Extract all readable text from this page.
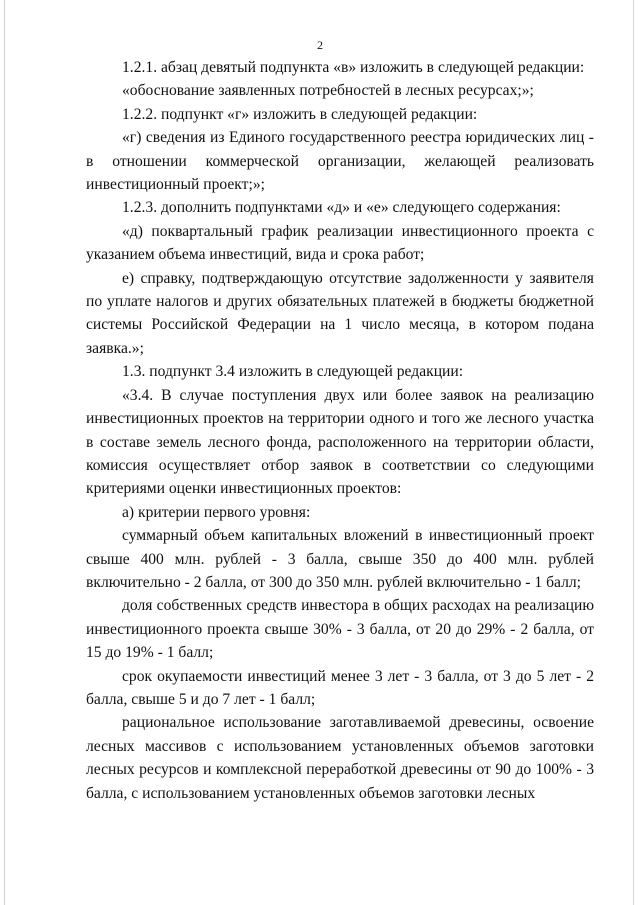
2

1.2.1. абзац девятый подпункта «в» изложить в следующей редакции:

«обоснование заявленных потребностей в лесных ресурсах;»;

1.2.2. подпункт «г» изложить в следующей редакции:

«г) сведения из Единого государственного реестра юридических лиц - в отношении коммерческой организации, желающей реализовать инвестиционный проект;»;

1.2.3. дополнить подпунктами «д» и «е» следующего содержания:

«д) поквартальный график реализации инвестиционного проекта с указанием объема инвестиций, вида и срока работ;

е) справку, подтверждающую отсутствие задолженности у заявителя по уплате налогов и других обязательных платежей в бюджеты бюджетной системы Российской Федерации на 1 число месяца, в котором подана заявка.»;

1.3. подпункт 3.4 изложить в следующей редакции:

«3.4. В случае поступления двух или более заявок на реализацию инвестиционных проектов на территории одного и того же лесного участка в составе земель лесного фонда, расположенного на территории области, комиссия осуществляет отбор заявок в соответствии со следующими критериями оценки инвестиционных проектов:

а) критерии первого уровня:

суммарный объем капитальных вложений в инвестиционный проект свыше 400 млн. рублей - 3 балла, свыше 350 до 400 млн. рублей включительно - 2 балла, от 300 до 350 млн. рублей включительно - 1 балл;

доля собственных средств инвестора в общих расходах на реализацию инвестиционного проекта свыше 30% - 3 балла, от 20 до 29% - 2 балла, от 15 до 19% - 1 балл;

срок окупаемости инвестиций менее 3 лет - 3 балла, от 3 до 5 лет - 2 балла, свыше 5 и до 7 лет - 1 балл;

рациональное использование заготавливаемой древесины, освоение лесных массивов с использованием установленных объемов заготовки лесных ресурсов и комплексной переработкой древесины от 90 до 100% - 3 балла, с использованием установленных объемов заготовки лесных
